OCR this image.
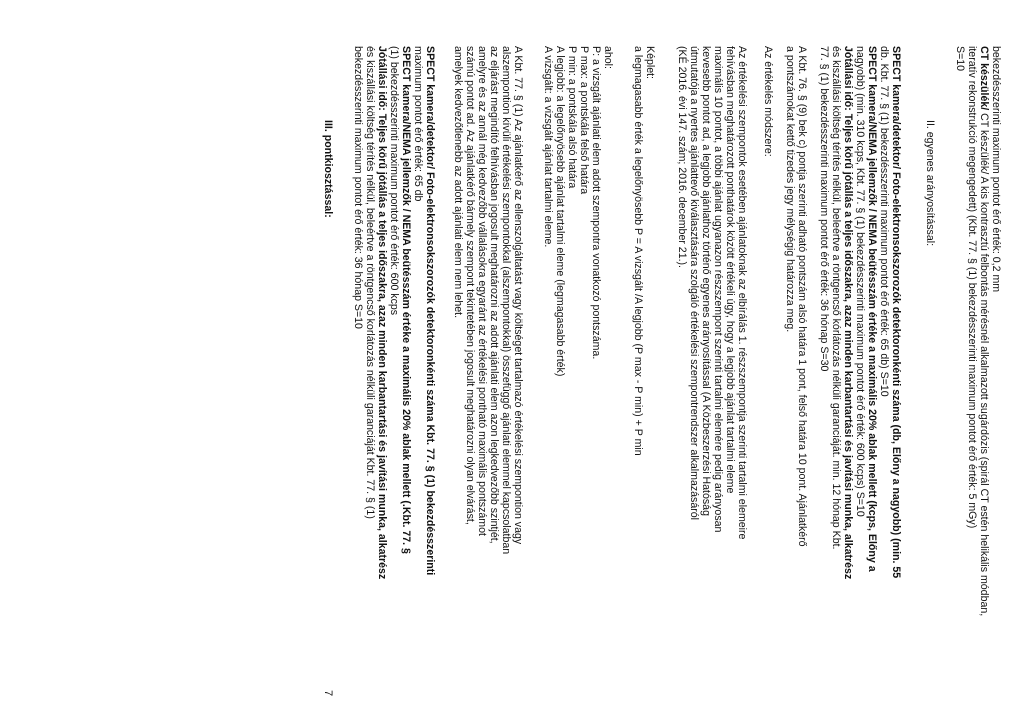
bekezdésszerinti maximum pontot érő érték: 0,2 mm
CT készülék/ CT készülék/ A kis kontrasztú felbontás mérésnél alkalmazott sugárdózis (spirál CT estén helikális módban,
iteratív rekonstrukció megengedett) (Kbt. 77. § (1) bekezdésszerinti maximum pontot érő érték: 5 mGy)
S=10
II. egyenes arányosítással:
SPECT kamera/detektor/ Foto-elektronsokszorozók detektoronkénti száma (db, Előny a nagyobb) (min. 55
db. Kbt. 77. § (1) bekezdésszerinti maximum pontot érő érték: 65 db) S=10
SPECT kamera/NEMA jellemzők / NEMA beütésszám értéke a maximális 20% ablak mellett (kcps, Előny a
nagyobb) (min. 310 kcps, Kbt. 77. § (1) bekezdésszerinti maximum pontot érő érték: 600 kcps) S=10
Jótállási idő: Teljes körű jótállás a teljes időszakra, azaz minden karbantartási és javítási munka, alkatrész
és kiszállási költség térítés nélkül, beleértve a röntgencső kórlátozás nélküli garanciáját. min. 12 hónap Kbt.
77. § (1) bekezdésszerinti maximum pontot érő érték: 36 hónap S=30
A Kbt. 76. § (9) bek c) pontja szerinti adható pontszám alsó határa 1 pont, felső határa 10 pont. Ajánlatkérő
a pontszámokat kettő tizedes jegy mélységig határozza meg.
Az értékelés módszere:
Az értékelési szempontok esetében ajánlatoknak az elbírálás 1. részszempontja szerinti tartalmi elemeire
fehívásban meghatározott ponthatárok között értékeli úgy, hogy a legjobb ajánlat tartalmi eleme
maximális 10 pontot, a többi ajánlat ugyanazon részszempont szerinti tartalmi elemére pedig arányosan
kevesebb pontot ad, a legjobb ajánlathoz történő egyenes arányosítással (A Közbeszerzési Hatóság
útmutatója a nyertes ajánlattevő kiválasztására szolgáló értékelési szempontrendszer alkalmazásáról
(KÉ 2016. évi 147. szám; 2016. december 21.).
Képlet:
a legmagasabb érték a legelőnyösebb P = A vizsgált /A legjobb (P max - P min) + P min
ahol:
P: a vizsgált ajánlati elem adott szempontra vonatkozó pontszáma.
P max: a pontskála felső határa
P min: a pontskála alsó határa
A legjobb: a legelőnyösebb ajánlat tartalmi eleme (legmagasabb érték)
A vizsgált: a vizsgált ajánlat tartalmi eleme.
A Kbt. 77. § (1) Az ajánlatkérő az ellenszolgáltatást vagy költséget tartalmazó értékelési szempontion vagy
alszempontion kívüli értékelési szempontokkal (alszempontokkal) összefüggő ajánlati elemmel kapcsolatban
az eljárást megindító felhívásban jogosult meghatározni az adott ajánlati elem azon legkedvezőbb szintjét,
amelyre és az annál még kedvezőbb vállalásokra egyaránt az értékelési pontható maximális pontszámot
számú pontot ad. Az ajánlatkérő bármely szempont tekintetében jogosult meghatározni olyan elvárást,
amelyek kedvezőtlenebb az adott ajánlati elem nem lehet.
SPECT kamera/detektor/ Foto-elektronsokszorozók detektoronkénti száma Kbt. 77. § (1) bekezdésszerinti
maximum pontot érő érték: 65 db
SPECT kamera/NEMA jellemzők / NEMA beütésszám értéke a maximális 20% ablak mellett (.Kbt. 77. §
(1) bekezdésszerinti maximum pontot érő érték: 600 kcps
Jótállási idő: Teljes körű jótállás a teljes időszakra, azaz minden karbantartási és javítási munka, alkatrész
és kiszállási költség térítés nélkül, beleértve a röntgencső korlátozás nélküli garanciáját Kbt. 77. § (1)
bekezdésszerinti maximum pontot érő érték: 36 hónap S=10
III. pontkiosztással:
7
